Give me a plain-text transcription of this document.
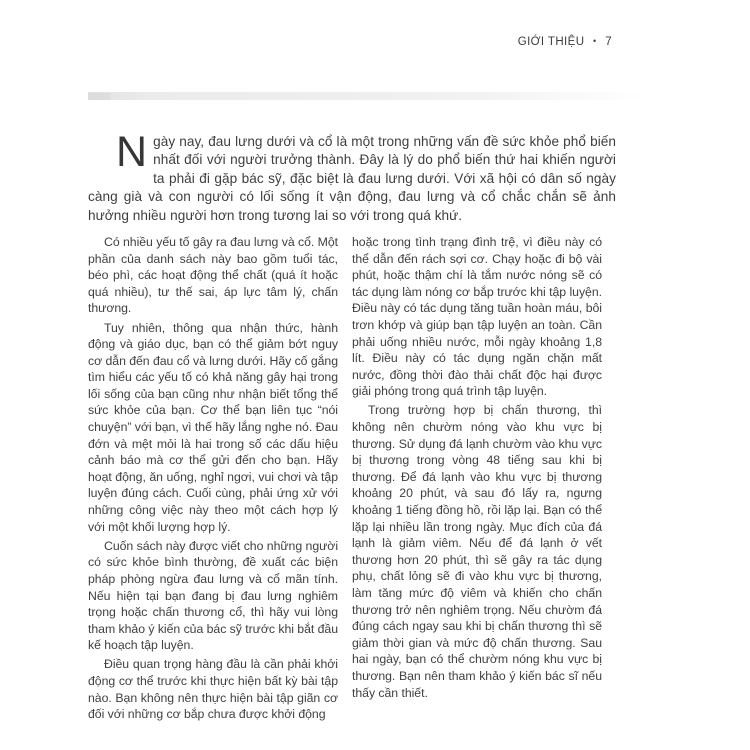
GIỚI THIỆU • 7

Ngày nay, đau lưng dưới và cổ là một trong những vấn đề sức khỏe phổ biến nhất đối với người trưởng thành. Đây là lý do phổ biến thứ hai khiến người ta phải đi gặp bác sỹ, đặc biệt là đau lưng dưới. Với xã hội có dân số ngày càng già và con người có lối sống ít vận động, đau lưng và cổ chắc chắn sẽ ảnh hưởng nhiều người hơn trong tương lai so với trong quá khứ.

Có nhiều yếu tố gây ra đau lưng và cổ. Một phần của danh sách này bao gồm tuổi tác, béo phì, các hoạt động thể chất (quá ít hoặc quá nhiều), tư thế sai, áp lực tâm lý, chấn thương.

Tuy nhiên, thông qua nhận thức, hành động và giáo dục, bạn có thể giảm bớt nguy cơ dẫn đến đau cổ và lưng dưới. Hãy cố gắng tìm hiểu các yếu tố có khả năng gây hại trong lối sống của bạn cũng như nhận biết tổng thể sức khỏe của bạn. Cơ thể bạn liên tục “nói chuyện” với bạn, vì thế hãy lắng nghe nó. Đau đớn và mệt mỏi là hai trong số các dấu hiệu cảnh báo mà cơ thể gửi đến cho bạn. Hãy hoạt động, ăn uống, nghỉ ngơi, vui chơi và tập luyện đúng cách. Cuối cùng, phải ứng xử với những công việc này theo một cách hợp lý với một khối lượng hợp lý.

Cuốn sách này được viết cho những người có sức khỏe bình thường, đề xuất các biện pháp phòng ngừa đau lưng và cổ mãn tính. Nếu hiện tại bạn đang bị đau lưng nghiêm trọng hoặc chấn thương cổ, thì hãy vui lòng tham khảo ý kiến của bác sỹ trước khi bắt đầu kế hoạch tập luyện.

Điều quan trọng hàng đầu là cần phải khởi động cơ thể trước khi thực hiện bất kỳ bài tập nào. Bạn không nên thực hiện bài tập giãn cơ đối với những cơ bắp chưa được khởi động

hoặc trong tình trạng đình trệ, vì điều này có thể dẫn đến rách sợi cơ. Chạy hoặc đi bộ vài phút, hoặc thậm chí là tắm nước nóng sẽ có tác dụng làm nóng cơ bắp trước khi tập luyện. Điều này có tác dụng tăng tuần hoàn máu, bôi trơn khớp và giúp bạn tập luyện an toàn. Cần phải uống nhiều nước, mỗi ngày khoảng 1,8 lít. Điều này có tác dụng ngăn chặn mất nước, đồng thời đào thải chất độc hại được giải phóng trong quá trình tập luyện.

Trong trường hợp bị chấn thương, thì không nên chườm nóng vào khu vực bị thương. Sử dụng đá lạnh chườm vào khu vực bị thương trong vòng 48 tiếng sau khi bị thương. Để đá lạnh vào khu vực bị thương khoảng 20 phút, và sau đó lấy ra, ngưng khoảng 1 tiếng đồng hồ, rồi lặp lại. Bạn có thể lặp lại nhiều lần trong ngày. Mục đích của đá lạnh là giảm viêm. Nếu để đá lạnh ở vết thương hơn 20 phút, thì sẽ gây ra tác dụng phụ, chất lỏng sẽ đi vào khu vực bị thương, làm tăng mức độ viêm và khiến cho chấn thương trở nên nghiêm trọng. Nếu chườm đá đúng cách ngay sau khi bị chấn thương thì sẽ giảm thời gian và mức độ chấn thương. Sau hai ngày, bạn có thể chườm nóng khu vực bị thương. Bạn nên tham khảo ý kiến bác sĩ nếu thấy cần thiết.
